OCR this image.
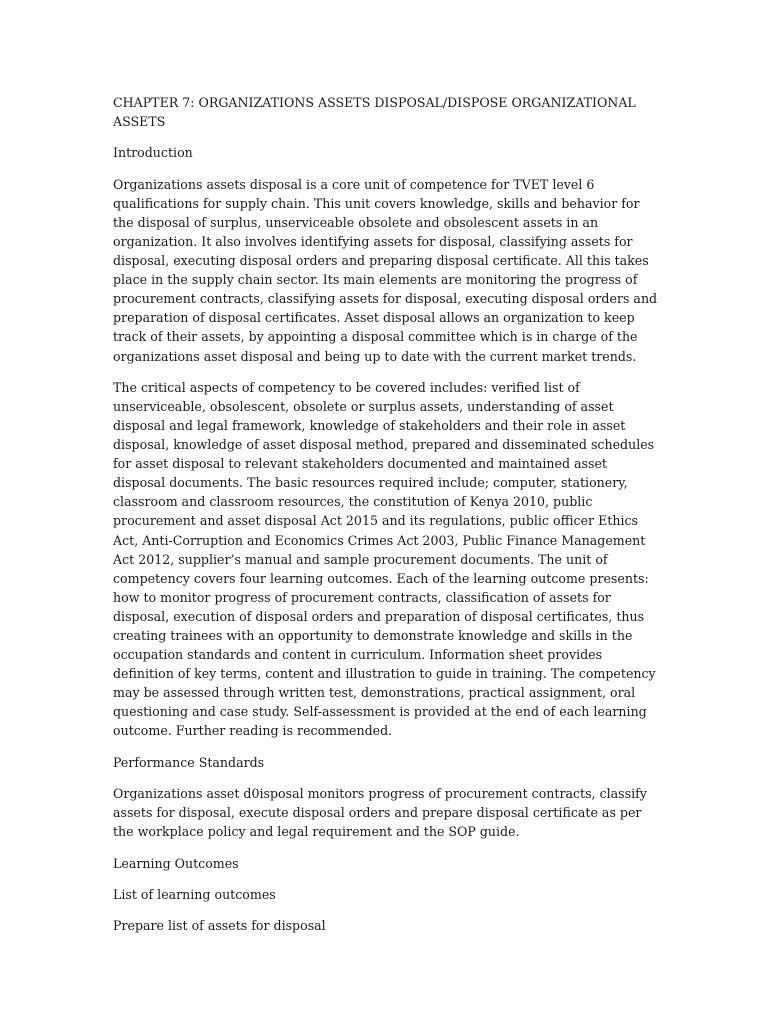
CHAPTER 7: ORGANIZATIONS ASSETS DISPOSAL/DISPOSE ORGANIZATIONAL ASSETS

Introduction

Organizations assets disposal is a core unit of competence for TVET level 6 qualifications for supply chain. This unit covers knowledge, skills and behavior for the disposal of surplus, unserviceable obsolete and obsolescent assets in an organization. It also involves identifying assets for disposal, classifying assets for disposal, executing disposal orders and preparing disposal certificate. All this takes place in the supply chain sector. Its main elements are monitoring the progress of procurement contracts, classifying assets for disposal, executing disposal orders and preparation of disposal certificates. Asset disposal allows an organization to keep track of their assets, by appointing a disposal committee which is in charge of the organizations asset disposal and being up to date with the current market trends.

The critical aspects of competency to be covered includes: verified list of unserviceable, obsolescent, obsolete or surplus assets, understanding of asset disposal and legal framework, knowledge of stakeholders and their role in asset disposal, knowledge of asset disposal method, prepared and disseminated schedules for asset disposal to relevant stakeholders documented and maintained asset disposal documents. The basic resources required include; computer, stationery, classroom and classroom resources, the constitution of Kenya 2010, public procurement and asset disposal Act 2015 and its regulations, public officer Ethics Act, Anti-Corruption and Economics Crimes Act 2003, Public Finance Management Act 2012, supplier’s manual and sample procurement documents. The unit of competency covers four learning outcomes. Each of the learning outcome presents: how to monitor progress of procurement contracts, classification of assets for disposal, execution of disposal orders and preparation of disposal certificates, thus creating trainees with an opportunity to demonstrate knowledge and skills in the occupation standards and content in curriculum. Information sheet provides definition of key terms, content and illustration to guide in training. The competency may be assessed through written test, demonstrations, practical assignment, oral questioning and case study. Self-assessment is provided at the end of each learning outcome. Further reading is recommended.

Performance Standards

Organizations asset d0isposal monitors progress of procurement contracts, classify assets for disposal, execute disposal orders and prepare disposal certificate as per the workplace policy and legal requirement and the SOP guide.

Learning Outcomes

List of learning outcomes

Prepare list of assets for disposal
